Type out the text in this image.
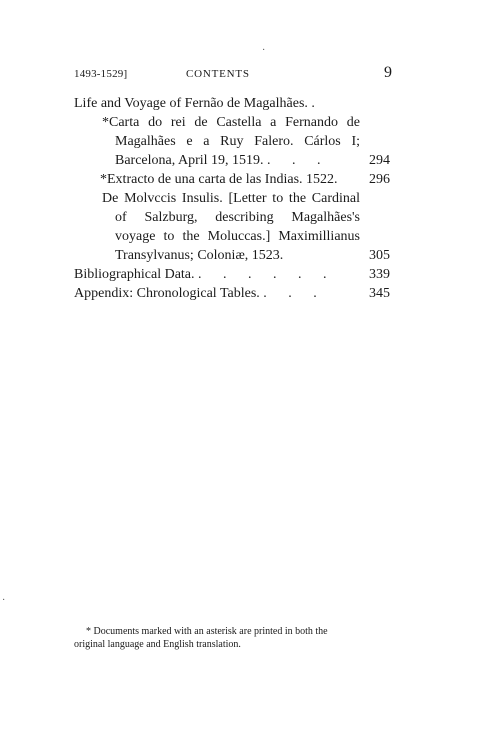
·
·
1493-1529]	CONTENTS	9
Life and Voyage of Fernão de Magalhães. .
*Carta do rei de Castella a Fernando de Magalhães e a Ruy Falero. Cárlos I; Barcelona, April 19, 1519. . . .	294
*Extracto de una carta de las Indias. 1522.	296
De Molvccis Insulis. [Letter to the Cardinal of Salzburg, describing Magalhães's voyage to the Moluccas.] Maximillianus Transylvanus; Coloniæ, 1523.	305
Bibliographical Data. . . . . . .	339
Appendix: Chronological Tables. . . .	345
* Documents marked with an asterisk are printed in both the
original language and English translation.
